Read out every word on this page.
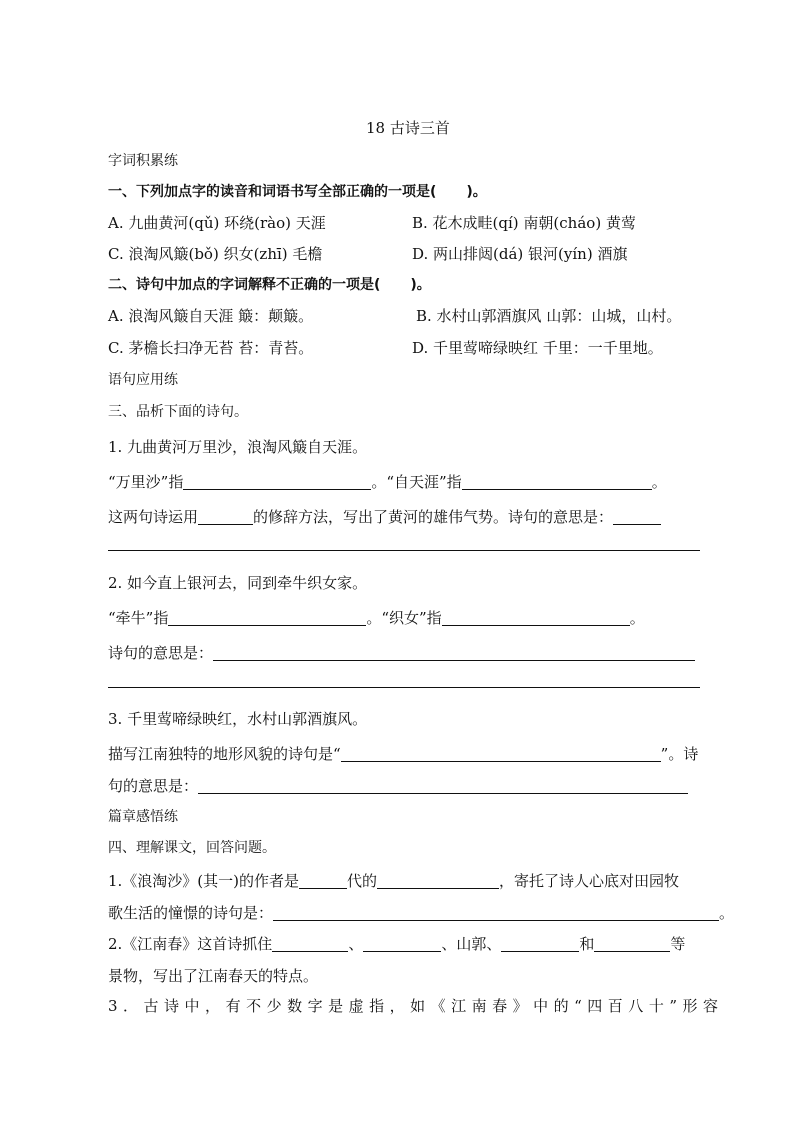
18 古诗三首
字词积累练
一、下列加点字的读音和词语书写全部正确的一项是( )。
A. 九曲黄河(qǔ) 环绕(rào) 天涯	B. 花木成畦(qí) 南朝(cháo) 黄莺
C. 浪淘风簸(bǒ) 织女(zhī) 毛檐	D. 两山排闼(dá) 银河(yín) 酒旗
二、诗句中加点的字词解释不正确的一项是( )。
A. 浪淘风簸自天涯 簸：颠簸。	B. 水村山郭酒旗风 山郭：山城，山村。
C. 茅檐长扫净无苔 苔：青苔。	D. 千里莺啼绿映红 千里：一千里地。
语句应用练
三、品析下面的诗句。
1. 九曲黄河万里沙，浪淘风簸自天涯。
“万里沙”指	。“自天涯”指	。
这两句诗运用	的修辞方法，写出了黄河的雄伟气势。诗句的意思是：
2. 如今直上银河去，同到牵牛织女家。
“牵牛”指	。“织女”指	。
诗句的意思是：
3. 千里莺啼绿映红，水村山郭酒旗风。
描写江南独特的地形风貌的诗句是“	”。诗
句的意思是：
篇章感悟练
四、理解课文，回答问题。
1.《浪淘沙》(其一)的作者是	代的	，寄托了诗人心底对田园牧
歌生活的憧憬的诗句是：	。
2.《江南春》这首诗抓住	、	、山郭、	和	等
景物，写出了江南春天的特点。
3．古诗中，有不少数字是虚指，如《江南春》中的“四百八十”形容
